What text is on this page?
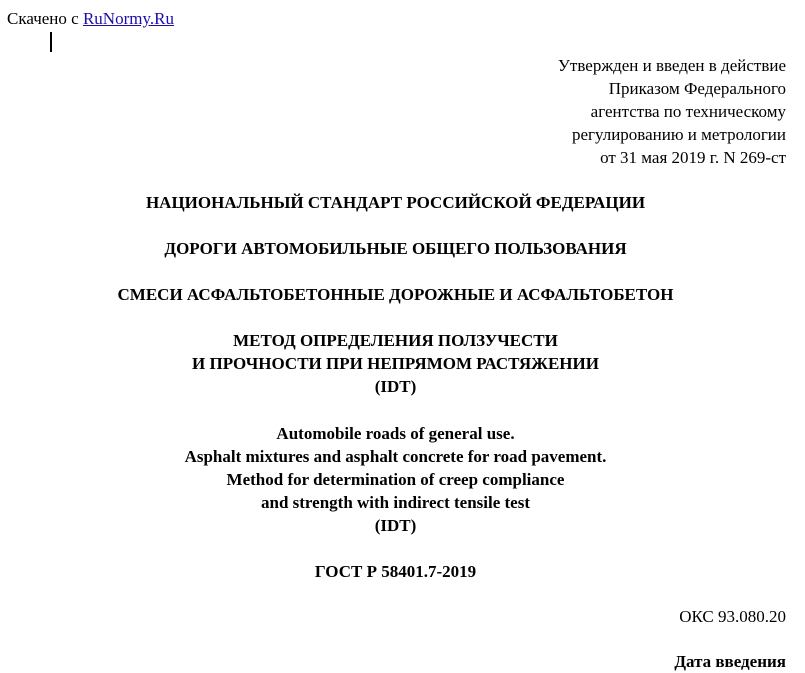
Скачено с RuNormy.Ru
Утвержден и введен в действие
Приказом Федерального
агентства по техническому
регулированию и метрологии
от 31 мая 2019 г. N 269-ст
НАЦИОНАЛЬНЫЙ СТАНДАРТ РОССИЙСКОЙ ФЕДЕРАЦИИ
ДОРОГИ АВТОМОБИЛЬНЫЕ ОБЩЕГО ПОЛЬЗОВАНИЯ
СМЕСИ АСФАЛЬТОБЕТОННЫЕ ДОРОЖНЫЕ И АСФАЛЬТОБЕТОН
МЕТОД ОПРЕДЕЛЕНИЯ ПОЛЗУЧЕСТИ
И ПРОЧНОСТИ ПРИ НЕПРЯМОМ РАСТЯЖЕНИИ
(IDT)
Automobile roads of general use.
Asphalt mixtures and asphalt concrete for road pavement.
Method for determination of creep compliance
and strength with indirect tensile test
(IDT)
ГОСТ Р 58401.7-2019
ОКС 93.080.20
Дата введения
